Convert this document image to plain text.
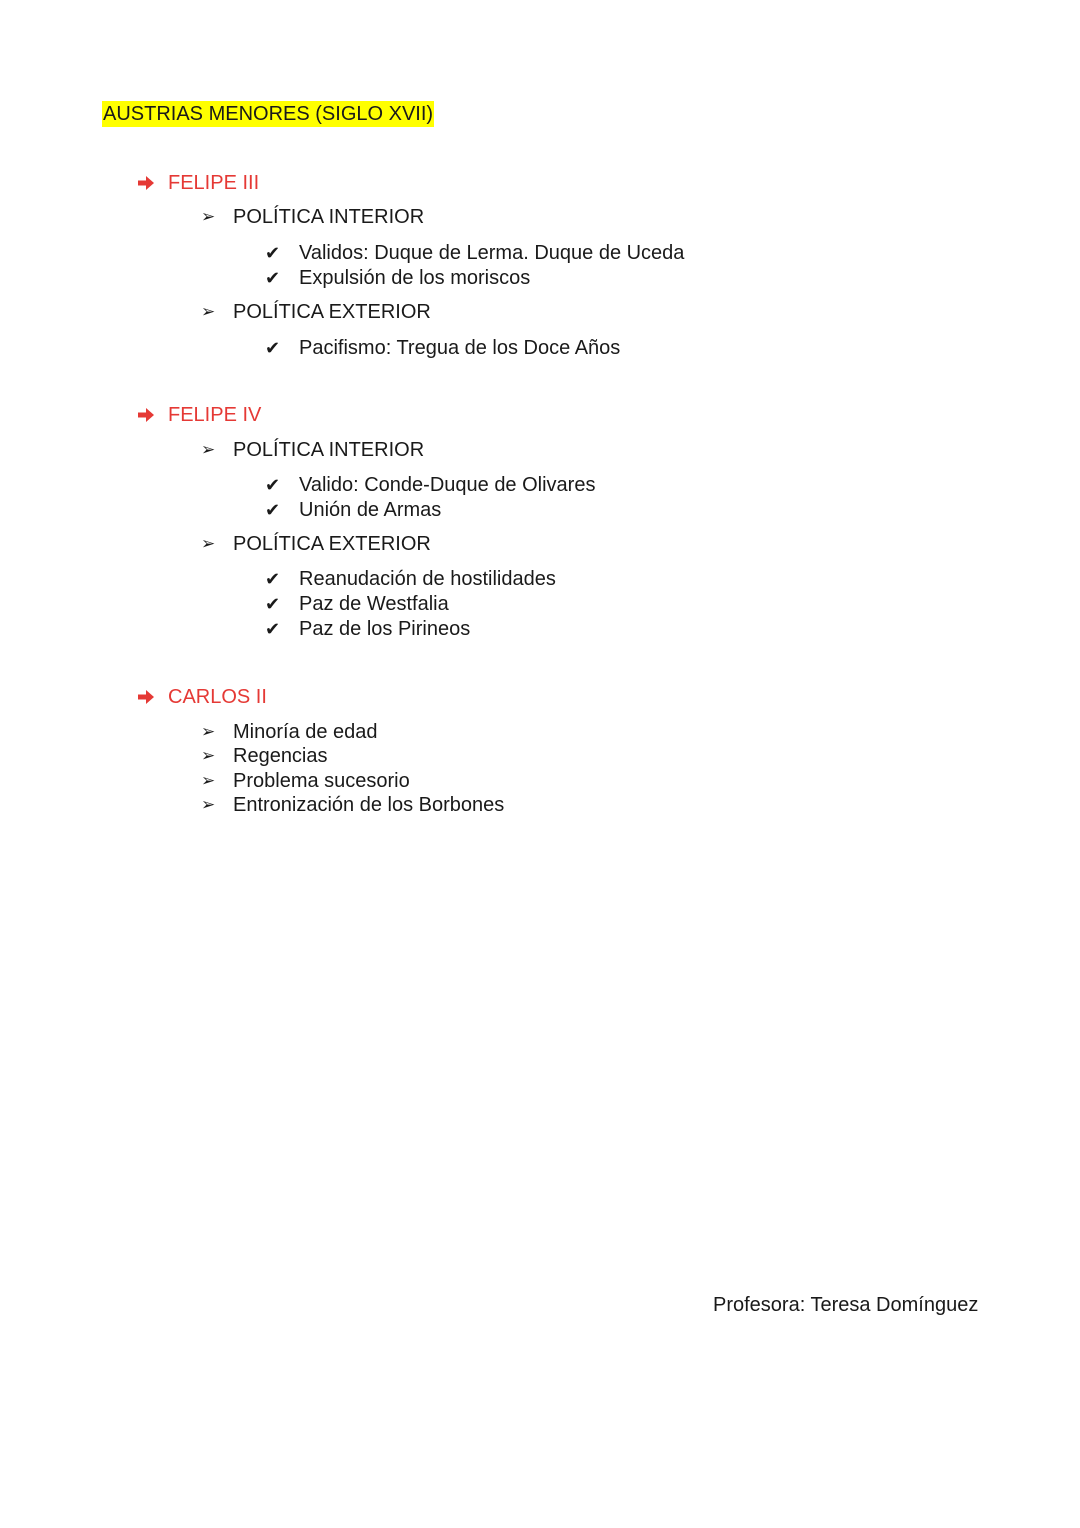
AUSTRIAS MENORES (SIGLO XVII)
FELIPE III
➢ POLÍTICA INTERIOR
✔ Validos: Duque de Lerma. Duque de Uceda
✔ Expulsión de los moriscos
➢ POLÍTICA EXTERIOR
✔ Pacifismo: Tregua de los Doce Años
FELIPE IV
➢ POLÍTICA INTERIOR
✔ Valido: Conde-Duque de Olivares
✔ Unión de Armas
➢ POLÍTICA EXTERIOR
✔ Reanudación de hostilidades
✔ Paz de Westfalia
✔ Paz de los Pirineos
CARLOS II
➢ Minoría de edad
➢ Regencias
➢ Problema sucesorio
➢ Entronización de los Borbones
Profesora: Teresa Domínguez
